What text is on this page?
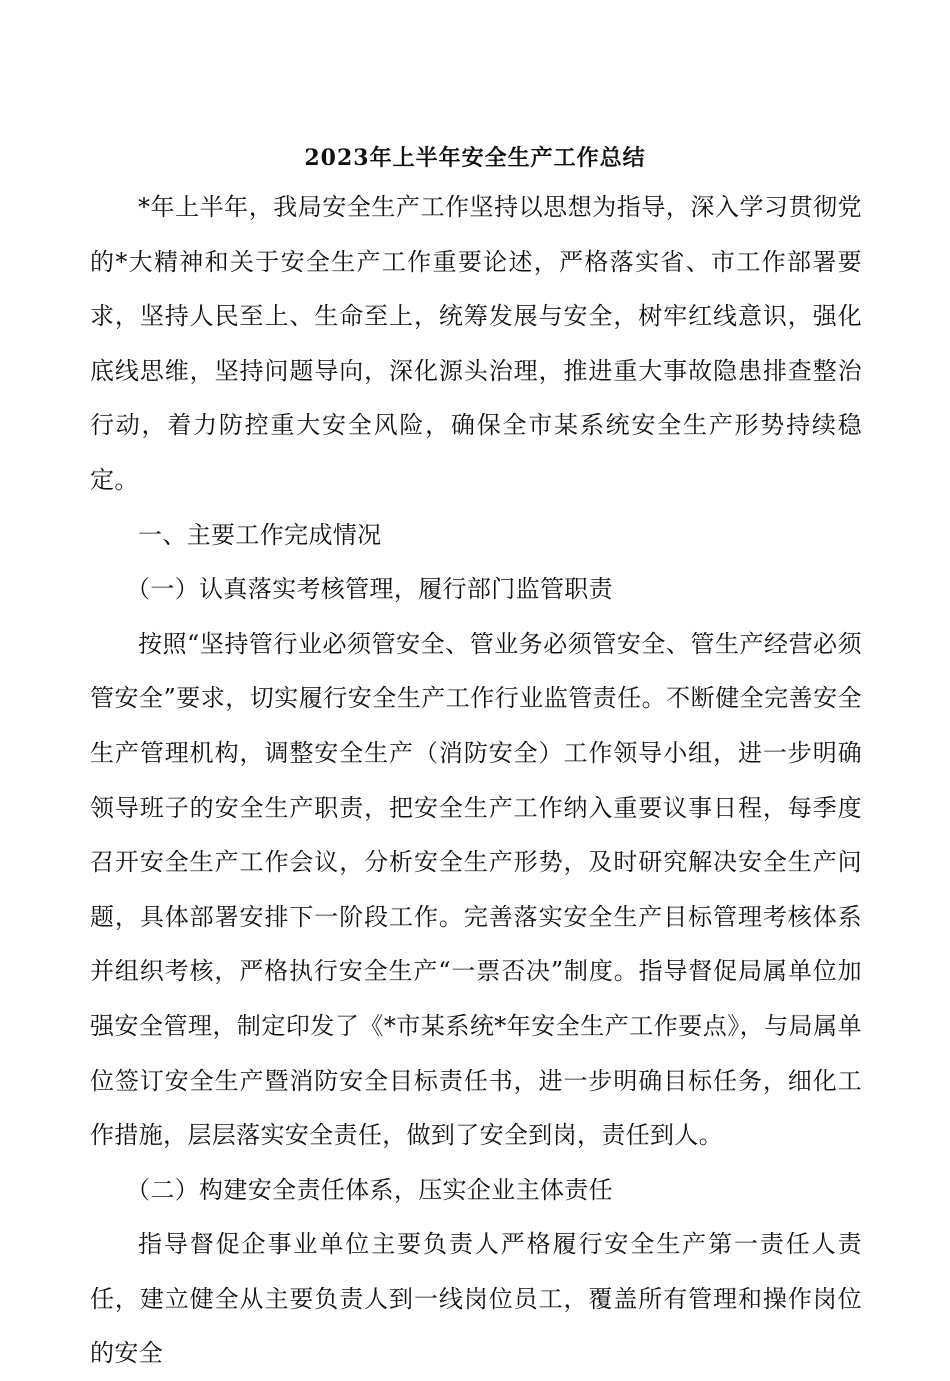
2023年上半年安全生产工作总结

*年上半年，我局安全生产工作坚持以思想为指导，深入学习贯彻党的*大精神和关于安全生产工作重要论述，严格落实省、市工作部署要求，坚持人民至上、生命至上，统筹发展与安全，树牢红线意识，强化底线思维，坚持问题导向，深化源头治理，推进重大事故隐患排查整治行动，着力防控重大安全风险，确保全市某系统安全生产形势持续稳定。

一、主要工作完成情况

（一）认真落实考核管理，履行部门监管职责

按照“坚持管行业必须管安全、管业务必须管安全、管生产经营必须管安全”要求，切实履行安全生产工作行业监管责任。不断健全完善安全生产管理机构，调整安全生产（消防安全）工作领导小组，进一步明确领导班子的安全生产职责，把安全生产工作纳入重要议事日程，每季度召开安全生产工作会议，分析安全生产形势，及时研究解决安全生产问题，具体部署安排下一阶段工作。完善落实安全生产目标管理考核体系并组织考核，严格执行安全生产“一票否决”制度。指导督促局属单位加强安全管理，制定印发了《*市某系统*年安全生产工作要点》，与局属单位签订安全生产暨消防安全目标责任书，进一步明确目标任务，细化工作措施，层层落实安全责任，做到了安全到岗，责任到人。

（二）构建安全责任体系，压实企业主体责任

指导督促企事业单位主要负责人严格履行安全生产第一责任人责任，建立健全从主要负责人到一线岗位员工，覆盖所有管理和操作岗位的安全
